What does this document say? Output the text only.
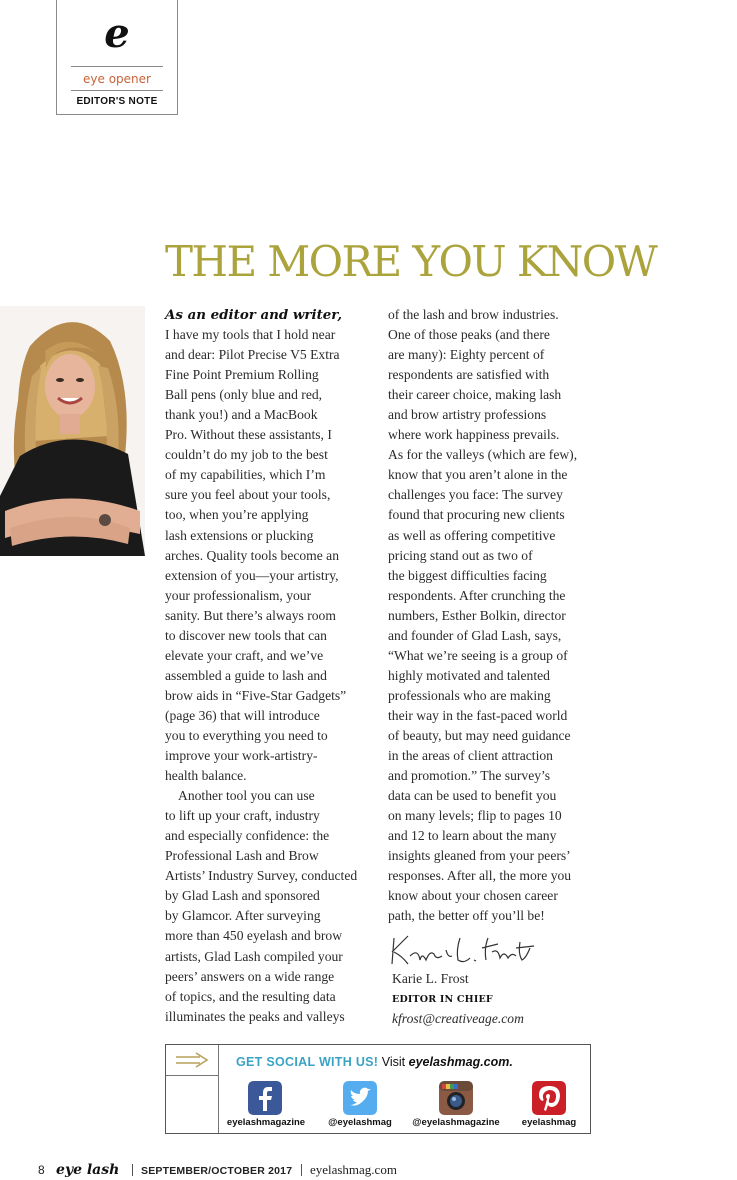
e
eye opener
EDITOR'S NOTE
THE MORE YOU KNOW
As an editor and writer,
I have my tools that I hold near
and dear: Pilot Precise V5 Extra
Fine Point Premium Rolling
Ball pens (only blue and red,
thank you!) and a MacBook
Pro. Without these assistants, I
couldn’t do my job to the best
of my capabilities, which I’m
sure you feel about your tools,
too, when you’re applying
lash extensions or plucking
arches. Quality tools become an
extension of you—your artistry,
your professionalism, your
sanity. But there’s always room
to discover new tools that can
elevate your craft, and we’ve
assembled a guide to lash and
brow aids in “Five-Star Gadgets”
(page 36) that will introduce
you to everything you need to
improve your work-artistry-
health balance.
Another tool you can use
to lift up your craft, industry
and especially confidence: the
Professional Lash and Brow
Artists’ Industry Survey, conducted
by Glad Lash and sponsored
by Glamcor. After surveying
more than 450 eyelash and brow
artists, Glad Lash compiled your
peers’ answers on a wide range
of topics, and the resulting data
illuminates the peaks and valleys
of the lash and brow industries.
One of those peaks (and there
are many): Eighty percent of
respondents are satisfied with
their career choice, making lash
and brow artistry professions
where work happiness prevails.
As for the valleys (which are few),
know that you aren’t alone in the
challenges you face: The survey
found that procuring new clients
as well as offering competitive
pricing stand out as two of
the biggest difficulties facing
respondents. After crunching the
numbers, Esther Bolkin, director
and founder of Glad Lash, says,
“What we’re seeing is a group of
highly motivated and talented
professionals who are making
their way in the fast-paced world
of beauty, but may need guidance
in the areas of client attraction
and promotion.” The survey’s
data can be used to benefit you
on many levels; flip to pages 10
and 12 to learn about the many
insights gleaned from your peers’
responses. After all, the more you
know about your chosen career
path, the better off you’ll be!
Karie L. Frost
EDITOR IN CHIEF
kfrost@creativeage.com
GET SOCIAL WITH US! Visit eyelashmag.com.
eyelashmagazine	@eyelashmag	@eyelashmagazine	eyelashmag
8 eye lash SEPTEMBER/OCTOBER 2017 eyelashmag.com
